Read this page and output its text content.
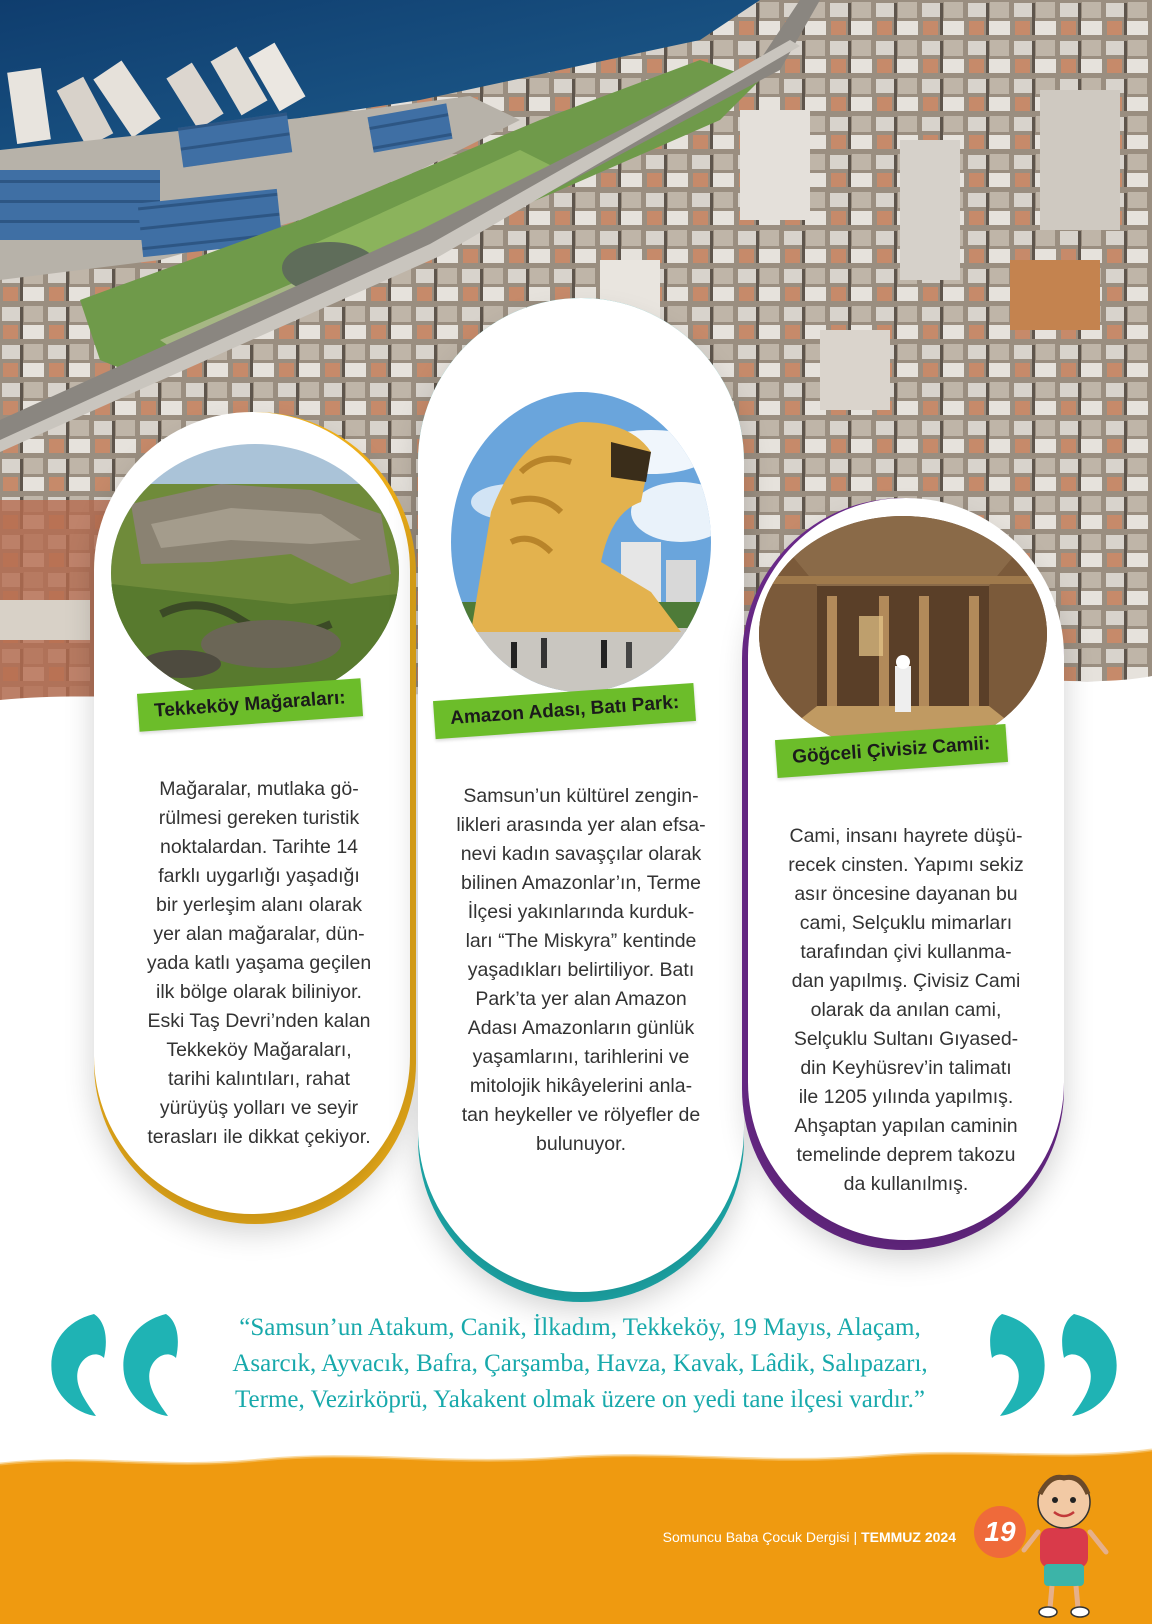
Tekkeköy Mağaraları:
Mağaralar, mutlaka gö-
rülmesi gereken turistik
noktalardan. Tarihte 14
farklı uygarlığı yaşadığı
bir yerleşim alanı olarak
yer alan mağaralar, dün-
yada katlı yaşama geçilen
ilk bölge olarak biliniyor.
Eski Taş Devri’nden kalan
Tekkeköy Mağaraları,
tarihi kalıntıları, rahat
yürüyüş yolları ve seyir
terasları ile dikkat çekiyor.
Amazon Adası, Batı Park:
Samsun’un kültürel zengin-
likleri arasında yer alan efsa-
nevi kadın savaşçılar olarak
bilinen Amazonlar’ın, Terme
İlçesi yakınlarında kurduk-
ları “The Miskyra” kentinde
yaşadıkları belirtiliyor. Batı
Park’ta yer alan Amazon
Adası Amazonların günlük
yaşamlarını, tarihlerini ve
mitolojik hikâyelerini anla-
tan heykeller ve rölyefler de
bulunuyor.
Göğceli Çivisiz Camii:
Cami, insanı hayrete düşü-
recek cinsten. Yapımı sekiz
asır öncesine dayanan bu
cami, Selçuklu mimarları
tarafından çivi kullanma-
dan yapılmış. Çivisiz Cami
olarak da anılan cami,
Selçuklu Sultanı Gıyased-
din Keyhüsrev’in talimatı
ile 1205 yılında yapılmış.
Ahşaptan yapılan caminin
temelinde deprem takozu
da kullanılmış.
“Samsun’un Atakum, Canik, İlkadım, Tekkeköy, 19 Mayıs, Alaçam, Asarcık, Ayvacık, Bafra, Çarşamba, Havza, Kavak, Lâdik, Salıpazarı, Terme, Vezirköprü, Yakakent olmak üzere on yedi tane ilçesi vardır.”
Somuncu Baba Çocuk Dergisi | TEMMUZ 2024	19
